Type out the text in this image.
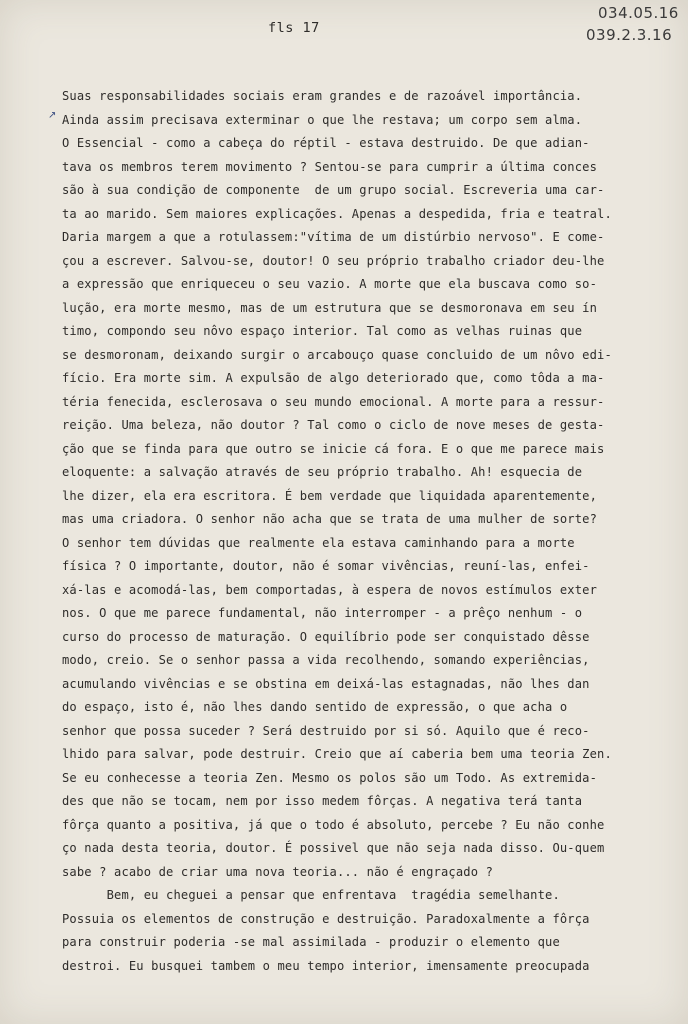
034.05.16
039.2.3.16
fls 17
↗
Suas responsabilidades sociais eram grandes e de razoável importância.
Ainda assim precisava exterminar o que lhe restava; um corpo sem alma.
O Essencial - como a cabeça do réptil - estava destruido. De que adian-
tava os membros terem movimento ? Sentou-se para cumprir a última conces
são à sua condição de componente  de um grupo social. Escreveria uma car-
ta ao marido. Sem maiores explicações. Apenas a despedida, fria e teatral.
Daria margem a que a rotulassem:"vítima de um distúrbio nervoso". E come-
çou a escrever. Salvou-se, doutor! O seu próprio trabalho criador deu-lhe
a expressão que enriqueceu o seu vazio. A morte que ela buscava como so-
lução, era morte mesmo, mas de um estrutura que se desmoronava em seu ín
timo, compondo seu nôvo espaço interior. Tal como as velhas ruinas que
se desmoronam, deixando surgir o arcabouço quase concluido de um nôvo edi-
fício. Era morte sim. A expulsão de algo deteriorado que, como tôda a ma-
téria fenecida, esclerosava o seu mundo emocional. A morte para a ressur-
reição. Uma beleza, não doutor ? Tal como o ciclo de nove meses de gesta-
ção que se finda para que outro se inicie cá fora. E o que me parece mais
eloquente: a salvação através de seu próprio trabalho. Ah! esquecia de
lhe dizer, ela era escritora. É bem verdade que liquidada aparentemente,
mas uma criadora. O senhor não acha que se trata de uma mulher de sorte?
O senhor tem dúvidas que realmente ela estava caminhando para a morte
física ? O importante, doutor, não é somar vivências, reuní-las, enfei-
xá-las e acomodá-las, bem comportadas, à espera de novos estímulos exter
nos. O que me parece fundamental, não interromper - a prêço nenhum - o
curso do processo de maturação. O equilíbrio pode ser conquistado dêsse
modo, creio. Se o senhor passa a vida recolhendo, somando experiências,
acumulando vivências e se obstina em deixá-las estagnadas, não lhes dan
do espaço, isto é, não lhes dando sentido de expressão, o que acha o
senhor que possa suceder ? Será destruido por si só. Aquilo que é reco-
lhido para salvar, pode destruir. Creio que aí caberia bem uma teoria Zen.
Se eu conhecesse a teoria Zen. Mesmo os polos são um Todo. As extremida-
des que não se tocam, nem por isso medem fôrças. A negativa terá tanta
fôrça quanto a positiva, já que o todo é absoluto, percebe ? Eu não conhe
ço nada desta teoria, doutor. É possivel que não seja nada disso. Ou-quem
sabe ? acabo de criar uma nova teoria... não é engraçado ?
Bem, eu cheguei a pensar que enfrentava  tragédia semelhante.
Possuia os elementos de construção e destruição. Paradoxalmente a fôrça
para construir poderia -se mal assimilada - produzir o elemento que
destroi. Eu busquei tambem o meu tempo interior, imensamente preocupada
